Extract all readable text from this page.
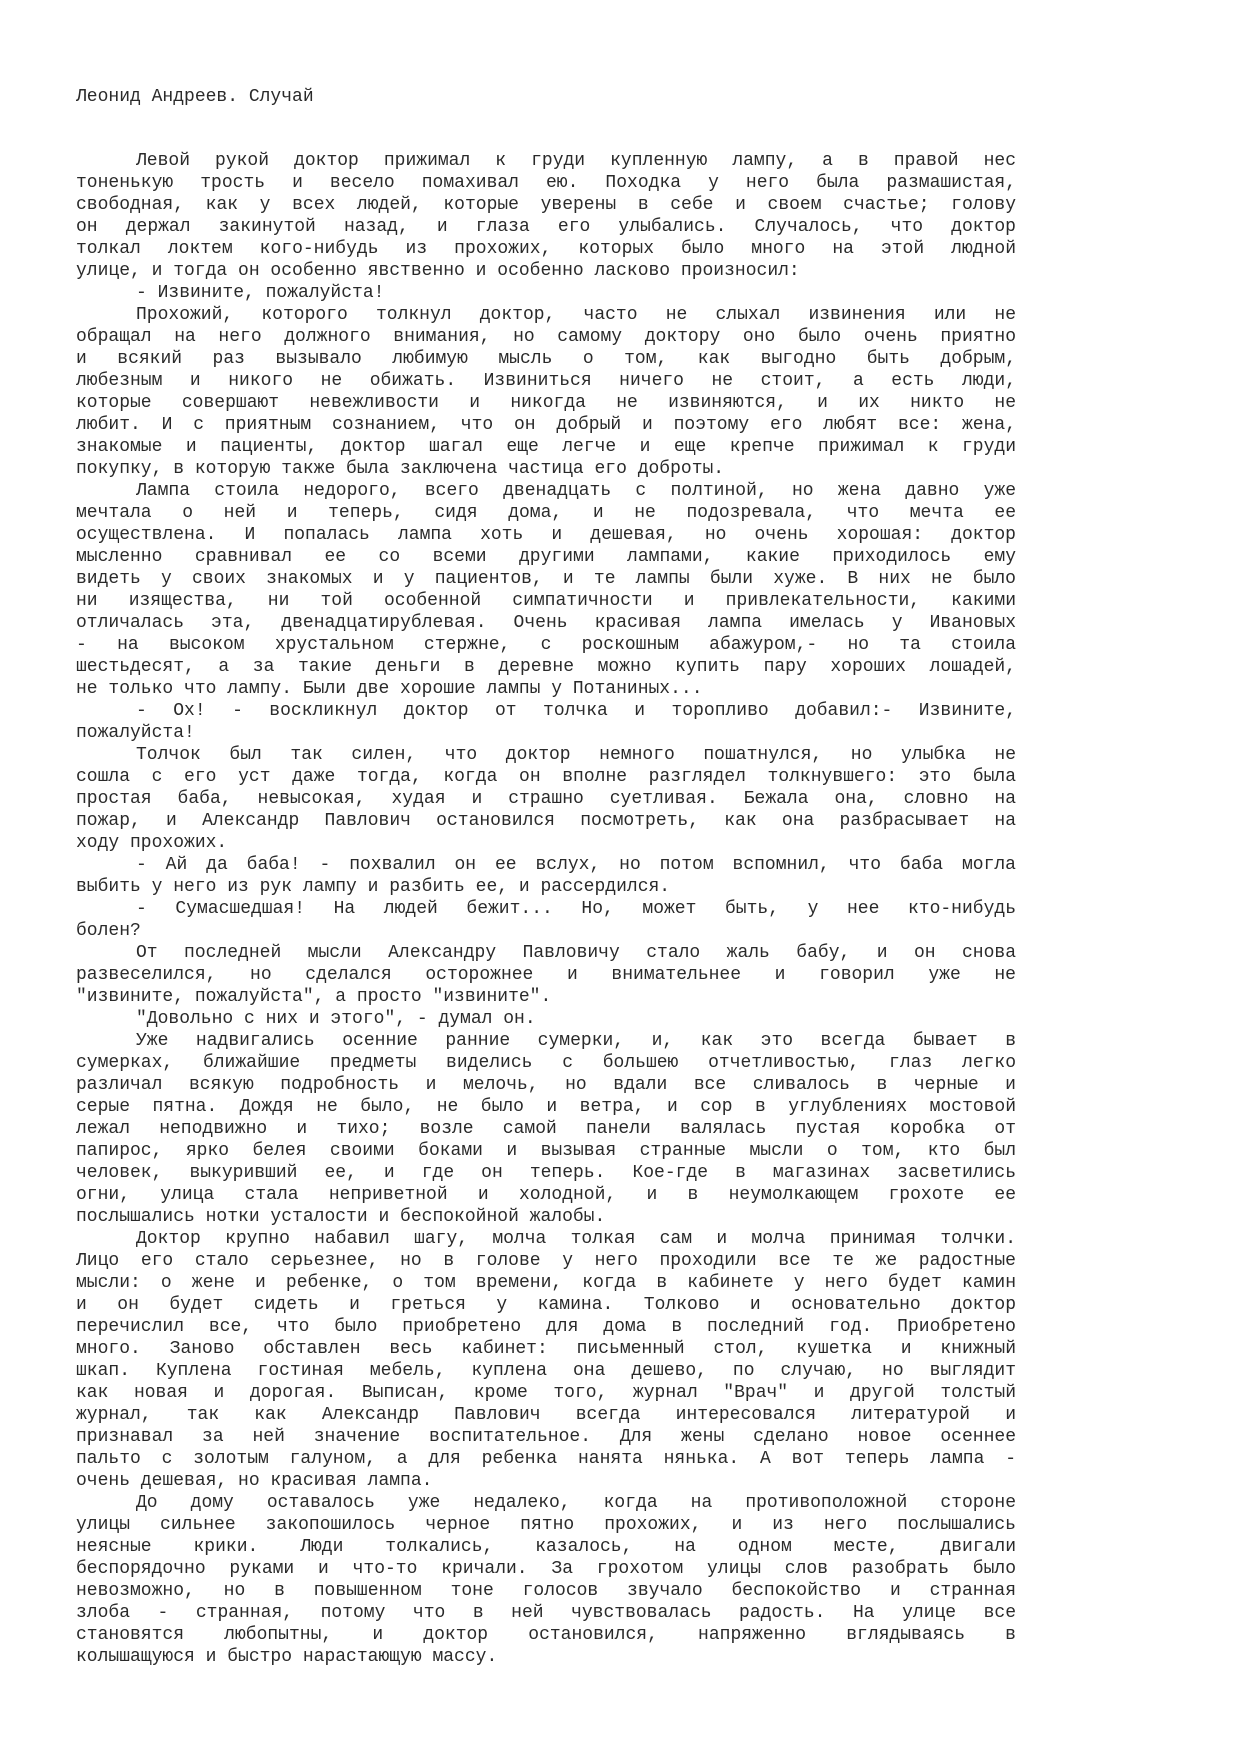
Леонид Андреев. Случай
Левой рукой доктор прижимал к груди купленную лампу, а в правой нес
тоненькую трость и весело помахивал ею. Походка у него была размашистая,
свободная, как у всех людей, которые уверены в себе и своем счастье; голову
он держал закинутой назад, и глаза его улыбались. Случалось, что доктор
толкал локтем кого-нибудь из прохожих, которых было много на этой людной
улице, и тогда он особенно явственно и особенно ласково произносил:
- Извините, пожалуйста!
Прохожий, которого толкнул доктор, часто не слыхал извинения или не
обращал на него должного внимания, но самому доктору оно было очень приятно
и всякий раз вызывало любимую мысль о том, как выгодно быть добрым,
любезным и никого не обижать. Извиниться ничего не стоит, а есть люди,
которые совершают невежливости и никогда не извиняются, и их никто не
любит. И с приятным сознанием, что он добрый и поэтому его любят все: жена,
знакомые и пациенты, доктор шагал еще легче и еще крепче прижимал к груди
покупку, в которую также была заключена частица его доброты.
Лампа стоила недорого, всего двенадцать с полтиной, но жена давно уже
мечтала о ней и теперь, сидя дома, и не подозревала, что мечта ее
осуществлена. И попалась лампа хоть и дешевая, но очень хорошая: доктор
мысленно сравнивал ее со всеми другими лампами, какие приходилось ему
видеть у своих знакомых и у пациентов, и те лампы были хуже. В них не было
ни изящества, ни той особенной симпатичности и привлекательности, какими
отличалась эта, двенадцатирублевая. Очень красивая лампа имелась у Ивановых
- на высоком хрустальном стержне, с роскошным абажуром,- но та стоила
шестьдесят, а за такие деньги в деревне можно купить пару хороших лошадей,
не только что лампу. Были две хорошие лампы у Потаниных...
- Ох! - воскликнул доктор от толчка и торопливо добавил:- Извините,
пожалуйста!
Толчок был так силен, что доктор немного пошатнулся, но улыбка не
сошла с его уст даже тогда, когда он вполне разглядел толкнувшего: это была
простая баба, невысокая, худая и страшно суетливая. Бежала она, словно на
пожар, и Александр Павлович остановился посмотреть, как она разбрасывает на
ходу прохожих.
- Ай да баба! - похвалил он ее вслух, но потом вспомнил, что баба могла
выбить у него из рук лампу и разбить ее, и рассердился.
- Сумасшедшая! На людей бежит... Но, может быть, у нее кто-нибудь
болен?
От последней мысли Александру Павловичу стало жаль бабу, и он снова
развеселился, но сделался осторожнее и внимательнее и говорил уже не
"извините, пожалуйста", а просто "извините".
"Довольно с них и этого", - думал он.
Уже надвигались осенние ранние сумерки, и, как это всегда бывает в
сумерках, ближайшие предметы виделись с большею отчетливостью, глаз легко
различал всякую подробность и мелочь, но вдали все сливалось в черные и
серые пятна. Дождя не было, не было и ветра, и сор в углублениях мостовой
лежал неподвижно и тихо; возле самой панели валялась пустая коробка от
папирос, ярко белея своими боками и вызывая странные мысли о том, кто был
человек, выкуривший ее, и где он теперь. Кое-где в магазинах засветились
огни, улица стала неприветной и холодной, и в неумолкающем грохоте ее
послышались нотки усталости и беспокойной жалобы.
Доктор крупно набавил шагу, молча толкая сам и молча принимая толчки.
Лицо его стало серьезнее, но в голове у него проходили все те же радостные
мысли: о жене и ребенке, о том времени, когда в кабинете у него будет камин
и он будет сидеть и греться у камина. Толково и основательно доктор
перечислил все, что было приобретено для дома в последний год. Приобретено
много. Заново обставлен весь кабинет: письменный стол, кушетка и книжный
шкап. Куплена гостиная мебель, куплена она дешево, по случаю, но выглядит
как новая и дорогая. Выписан, кроме того, журнал "Врач" и другой толстый
журнал, так как Александр Павлович всегда интересовался литературой и
признавал за ней значение воспитательное. Для жены сделано новое осеннее
пальто с золотым галуном, а для ребенка нанята нянька. А вот теперь лампа -
очень дешевая, но красивая лампа.
До дому оставалось уже недалеко, когда на противоположной стороне
улицы сильнее закопошилось черное пятно прохожих, и из него послышались
неясные крики. Люди толкались, казалось, на одном месте, двигали
беспорядочно руками и что-то кричали. За грохотом улицы слов разобрать было
невозможно, но в повышенном тоне голосов звучало беспокойство и странная
злоба - странная, потому что в ней чувствовалась радость. На улице все
становятся любопытны, и доктор остановился, напряженно вглядываясь в
колышащуюся и быстро нарастающую массу.
